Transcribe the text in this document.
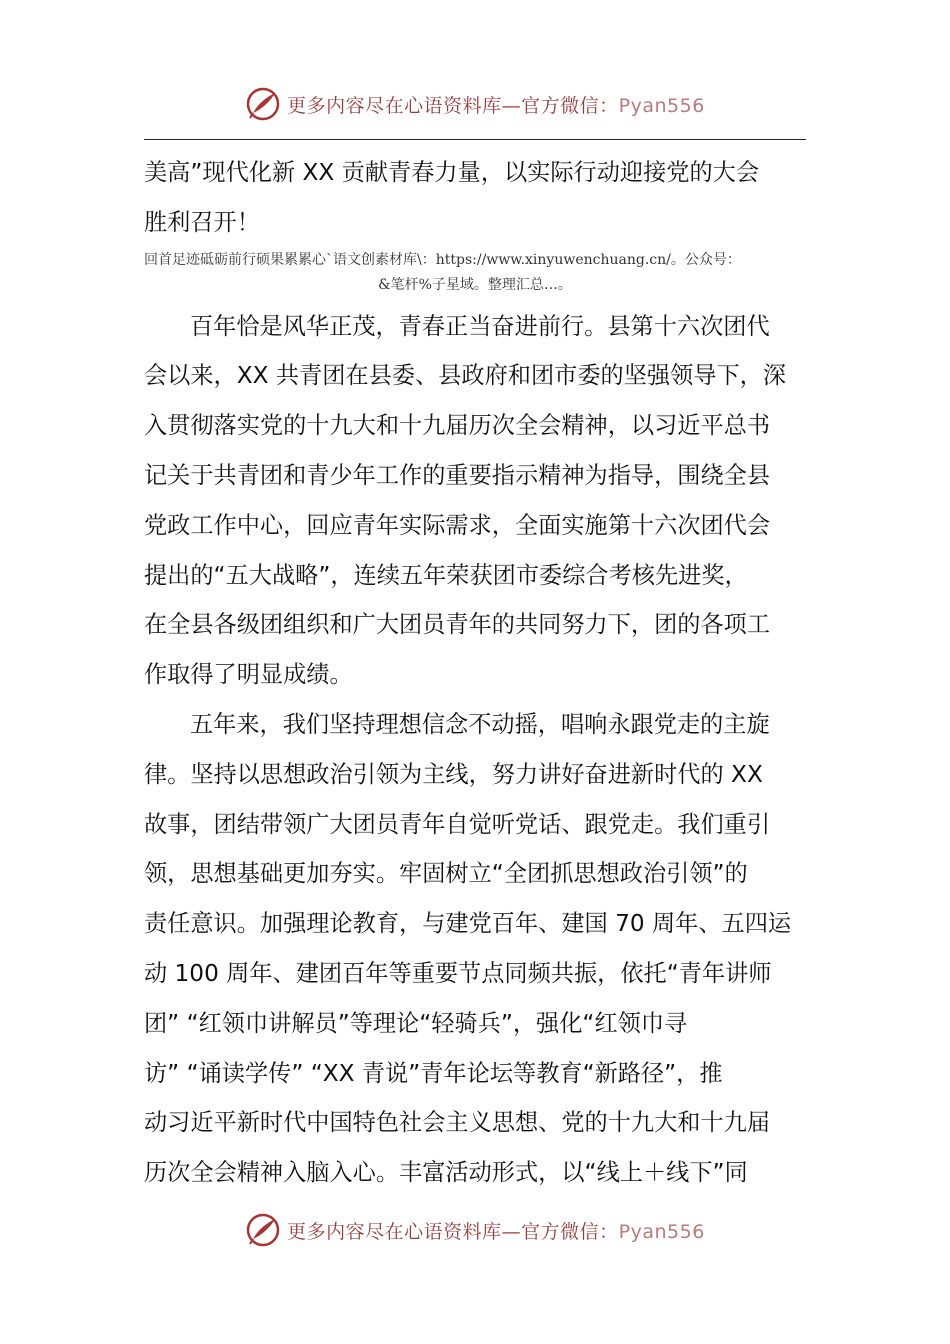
更多内容尽在心语资料库—官方微信：Pyan556
美高”现代化新 XX 贡献青春力量，以实际行动迎接党的大会
胜利召开！
回首足迹砥砺前行硕果累累心`语文创素材库\：https://www.xinyuwenchuang.cn/。公众号：
&笔杆%子星域。整理汇总…。
百年恰是风华正茂，青春正当奋进前行。县第十六次团代
会以来，XX 共青团在县委、县政府和团市委的坚强领导下，深
入贯彻落实党的十九大和十九届历次全会精神，以习近平总书
记关于共青团和青少年工作的重要指示精神为指导，围绕全县
党政工作中心，回应青年实际需求，全面实施第十六次团代会
提出的“五大战略”，连续五年荣获团市委综合考核先进奖，
在全县各级团组织和广大团员青年的共同努力下，团的各项工
作取得了明显成绩。
五年来，我们坚持理想信念不动摇，唱响永跟党走的主旋
律。坚持以思想政治引领为主线，努力讲好奋进新时代的 XX
故事，团结带领广大团员青年自觉听党话、跟党走。我们重引
领，思想基础更加夯实。牢固树立“全团抓思想政治引领”的
责任意识。加强理论教育，与建党百年、建国 70 周年、五四运
动 100 周年、建团百年等重要节点同频共振，依托“青年讲师
团” “红领巾讲解员”等理论“轻骑兵”，强化“红领巾寻
访” “诵读学传” “XX 青说”青年论坛等教育“新路径”，推
动习近平新时代中国特色社会主义思想、党的十九大和十九届
历次全会精神入脑入心。丰富活动形式，以“线上＋线下”同
更多内容尽在心语资料库—官方微信：Pyan556
